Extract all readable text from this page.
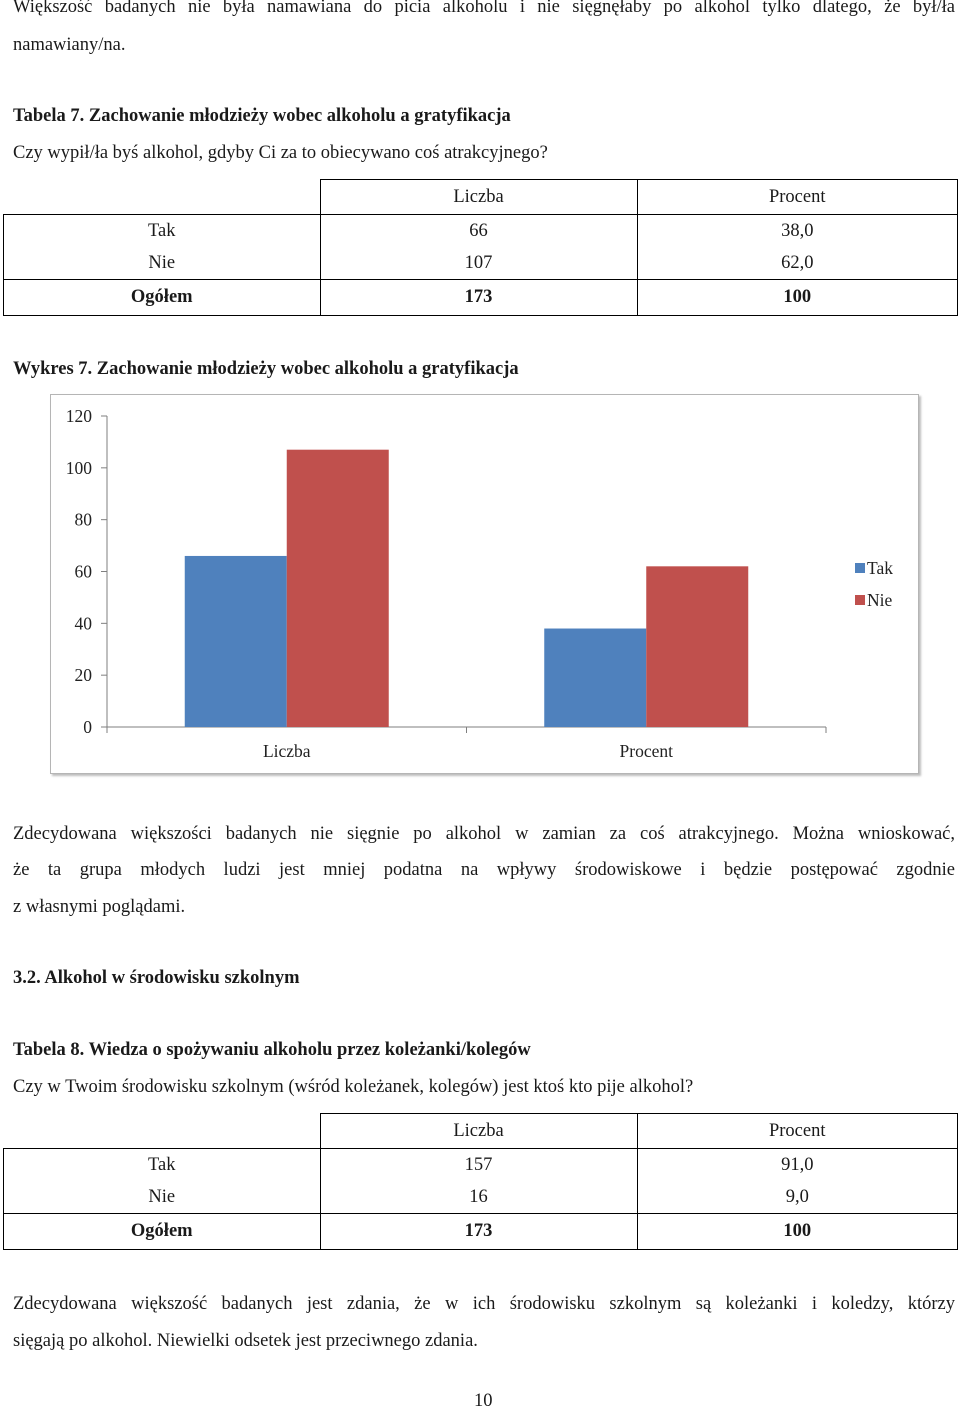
Większość badanych nie była namawiana do picia alkoholu i nie sięgnęłaby po alkohol tylko dlatego, że był/ła
namawiany/na.
Tabela 7. Zachowanie młodzieży wobec alkoholu a gratyfikacja
Czy wypił/ła byś alkohol, gdyby Ci za to obiecywano coś atrakcyjnego?
	Liczba	Procent
Tak	66	38,0
Nie	107	62,0
Ogółem	173	100
Wykres 7. Zachowanie młodzieży wobec alkoholu a gratyfikacja
0
20
40
60
80
100
120
Liczba	Procent
Tak
Nie
Zdecydowana większości badanych nie sięgnie po alkohol w zamian za coś atrakcyjnego. Można wnioskować,
że ta grupa młodych ludzi jest mniej podatna na wpływy środowiskowe i będzie postępować zgodnie
z własnymi poglądami.
3.2. Alkohol w środowisku szkolnym
Tabela 8. Wiedza o spożywaniu alkoholu przez koleżanki/kolegów
Czy w Twoim środowisku szkolnym (wśród koleżanek, kolegów) jest ktoś kto pije alkohol?
	Liczba	Procent
Tak	157	91,0
Nie	16	9,0
Ogółem	173	100
Zdecydowana większość badanych jest zdania, że w ich środowisku szkolnym są koleżanki i koledzy, którzy
sięgają po alkohol. Niewielki odsetek jest przeciwnego zdania.
10
